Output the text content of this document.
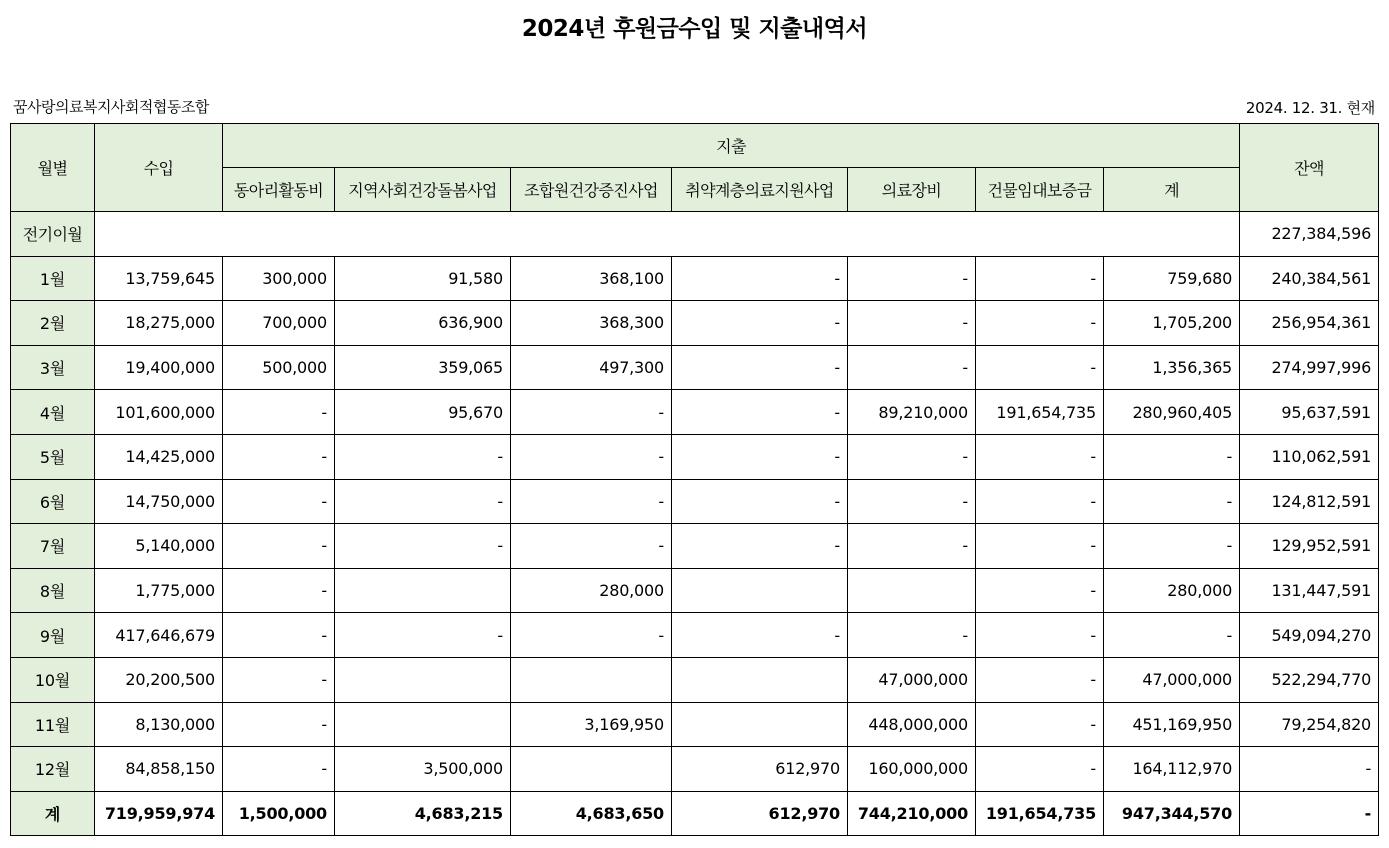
2024년 후원금수입 및 지출내역서
꿈사랑의료복지사회적협동조합	2024. 12. 31. 현재
월별	수입	지출							잔액
		동아리활동비	지역사회건강돌봄사업	조합원건강증진사업	취약계층의료지원사업	의료장비	건물임대보증금	계	
전기이월									227,384,596
1월	13,759,645	300,000	91,580	368,100	-	-	-	759,680	240,384,561
2월	18,275,000	700,000	636,900	368,300	-	-	-	1,705,200	256,954,361
3월	19,400,000	500,000	359,065	497,300	-	-	-	1,356,365	274,997,996
4월	101,600,000	-	95,670	-	-	89,210,000	191,654,735	280,960,405	95,637,591
5월	14,425,000	-	-	-	-	-	-	-	110,062,591
6월	14,750,000	-	-	-	-	-	-	-	124,812,591
7월	5,140,000	-	-	-	-	-	-	-	129,952,591
8월	1,775,000	-		280,000			-	280,000	131,447,591
9월	417,646,679	-	-	-	-	-	-	-	549,094,270
10월	20,200,500	-				47,000,000	-	47,000,000	522,294,770
11월	8,130,000	-		3,169,950		448,000,000	-	451,169,950	79,254,820
12월	84,858,150	-	3,500,000		612,970	160,000,000	-	164,112,970	-
계	719,959,974	1,500,000	4,683,215	4,683,650	612,970	744,210,000	191,654,735	947,344,570	-
